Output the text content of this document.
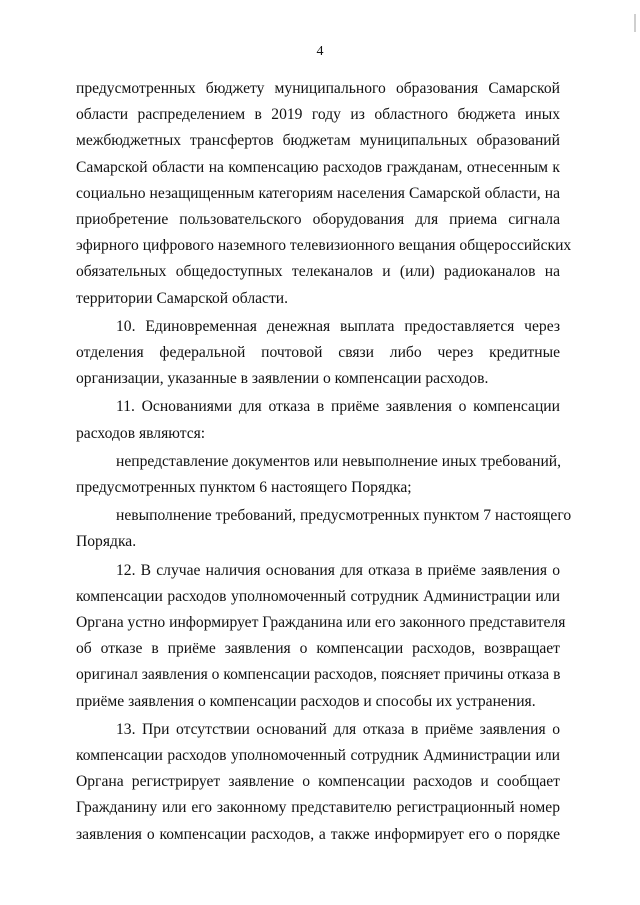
4
предусмотренных бюджету муниципального образования Самарской
области распределением в 2019 году из областного бюджета иных
межбюджетных трансфертов бюджетам муниципальных образований
Самарской области на компенсацию расходов гражданам, отнесенным к
социально незащищенным категориям населения Самарской области, на
приобретение пользовательского оборудования для приема сигнала
эфирного цифрового наземного телевизионного вещания общероссийских
обязательных общедоступных телеканалов и (или) радиоканалов на
территории Самарской области.
10. Единовременная денежная выплата предоставляется через
отделения федеральной почтовой связи либо через кредитные
организации, указанные в заявлении о компенсации расходов.
11. Основаниями для отказа в приёме заявления о компенсации
расходов являются:
непредставление документов или невыполнение иных требований,
предусмотренных пунктом 6 настоящего Порядка;
невыполнение требований, предусмотренных пунктом 7 настоящего
Порядка.
12. В случае наличия основания для отказа в приёме заявления о
компенсации расходов уполномоченный сотрудник Администрации или
Органа устно информирует Гражданина или его законного представителя
об отказе в приёме заявления о компенсации расходов, возвращает
оригинал заявления о компенсации расходов, поясняет причины отказа в
приёме заявления о компенсации расходов и способы их устранения.
13. При отсутствии оснований для отказа в приёме заявления о
компенсации расходов уполномоченный сотрудник Администрации или
Органа регистрирует заявление о компенсации расходов и сообщает
Гражданину или его законному представителю регистрационный номер
заявления о компенсации расходов, а также информирует его о порядке
